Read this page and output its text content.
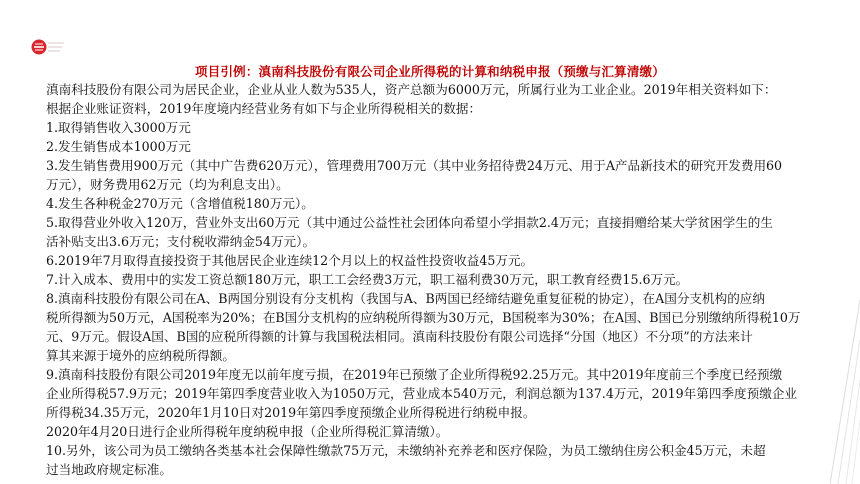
项目引例：滇南科技股份有限公司企业所得税的计算和纳税申报（预缴与汇算清缴）
滇南科技股份有限公司为居民企业，企业从业人数为535人，资产总额为6000万元，所属行业为工业企业。2019年相关资料如下：
根据企业账证资料，2019年度境内经营业务有如下与企业所得税相关的数据：
1.取得销售收入3000万元
2.发生销售成本1000万元
3.发生销售费用900万元（其中广告费620万元），管理费用700万元（其中业务招待费24万元、用于A产品新技术的研究开发费用60
万元），财务费用62万元（均为利息支出）。
4.发生各种税金270万元（含增值税180万元）。
5.取得营业外收入120万，营业外支出60万元（其中通过公益性社会团体向希望小学捐款2.4万元；直接捐赠给某大学贫困学生的生
活补贴支出3.6万元；支付税收滞纳金54万元）。
6.2019年7月取得直接投资于其他居民企业连续12个月以上的权益性投资收益45万元。
7.计入成本、费用中的实发工资总额180万元，职工工会经费3万元，职工福利费30万元，职工教育经费15.6万元。
8.滇南科技股份有限公司在A、B两国分别设有分支机构（我国与A、B两国已经缔结避免重复征税的协定），在A国分支机构的应纳
税所得额为50万元，A国税率为20%；在B国分支机构的应纳税所得额为30万元，B国税率为30%；在A国、B国已分别缴纳所得税10万
元、9万元。假设A国、B国的应税所得额的计算与我国税法相同。滇南科技股份有限公司选择“分国（地区）不分项”的方法来计
算其来源于境外的应纳税所得额。
9.滇南科技股份有限公司2019年度无以前年度亏损，在2019年已预缴了企业所得税92.25万元。其中2019年度前三个季度已经预缴
企业所得税57.9万元；2019年第四季度营业收入为1050万元，营业成本540万元，利润总额为137.4万元，2019年第四季度预缴企业
所得税34.35万元，2020年1月10日对2019年第四季度预缴企业所得税进行纳税申报。
2020年4月20日进行企业所得税年度纳税申报（企业所得税汇算清缴）。
10.另外，该公司为员工缴纳各类基本社会保障性缴款75万元，未缴纳补充养老和医疗保险，为员工缴纳住房公积金45万元，未超
过当地政府规定标准。
